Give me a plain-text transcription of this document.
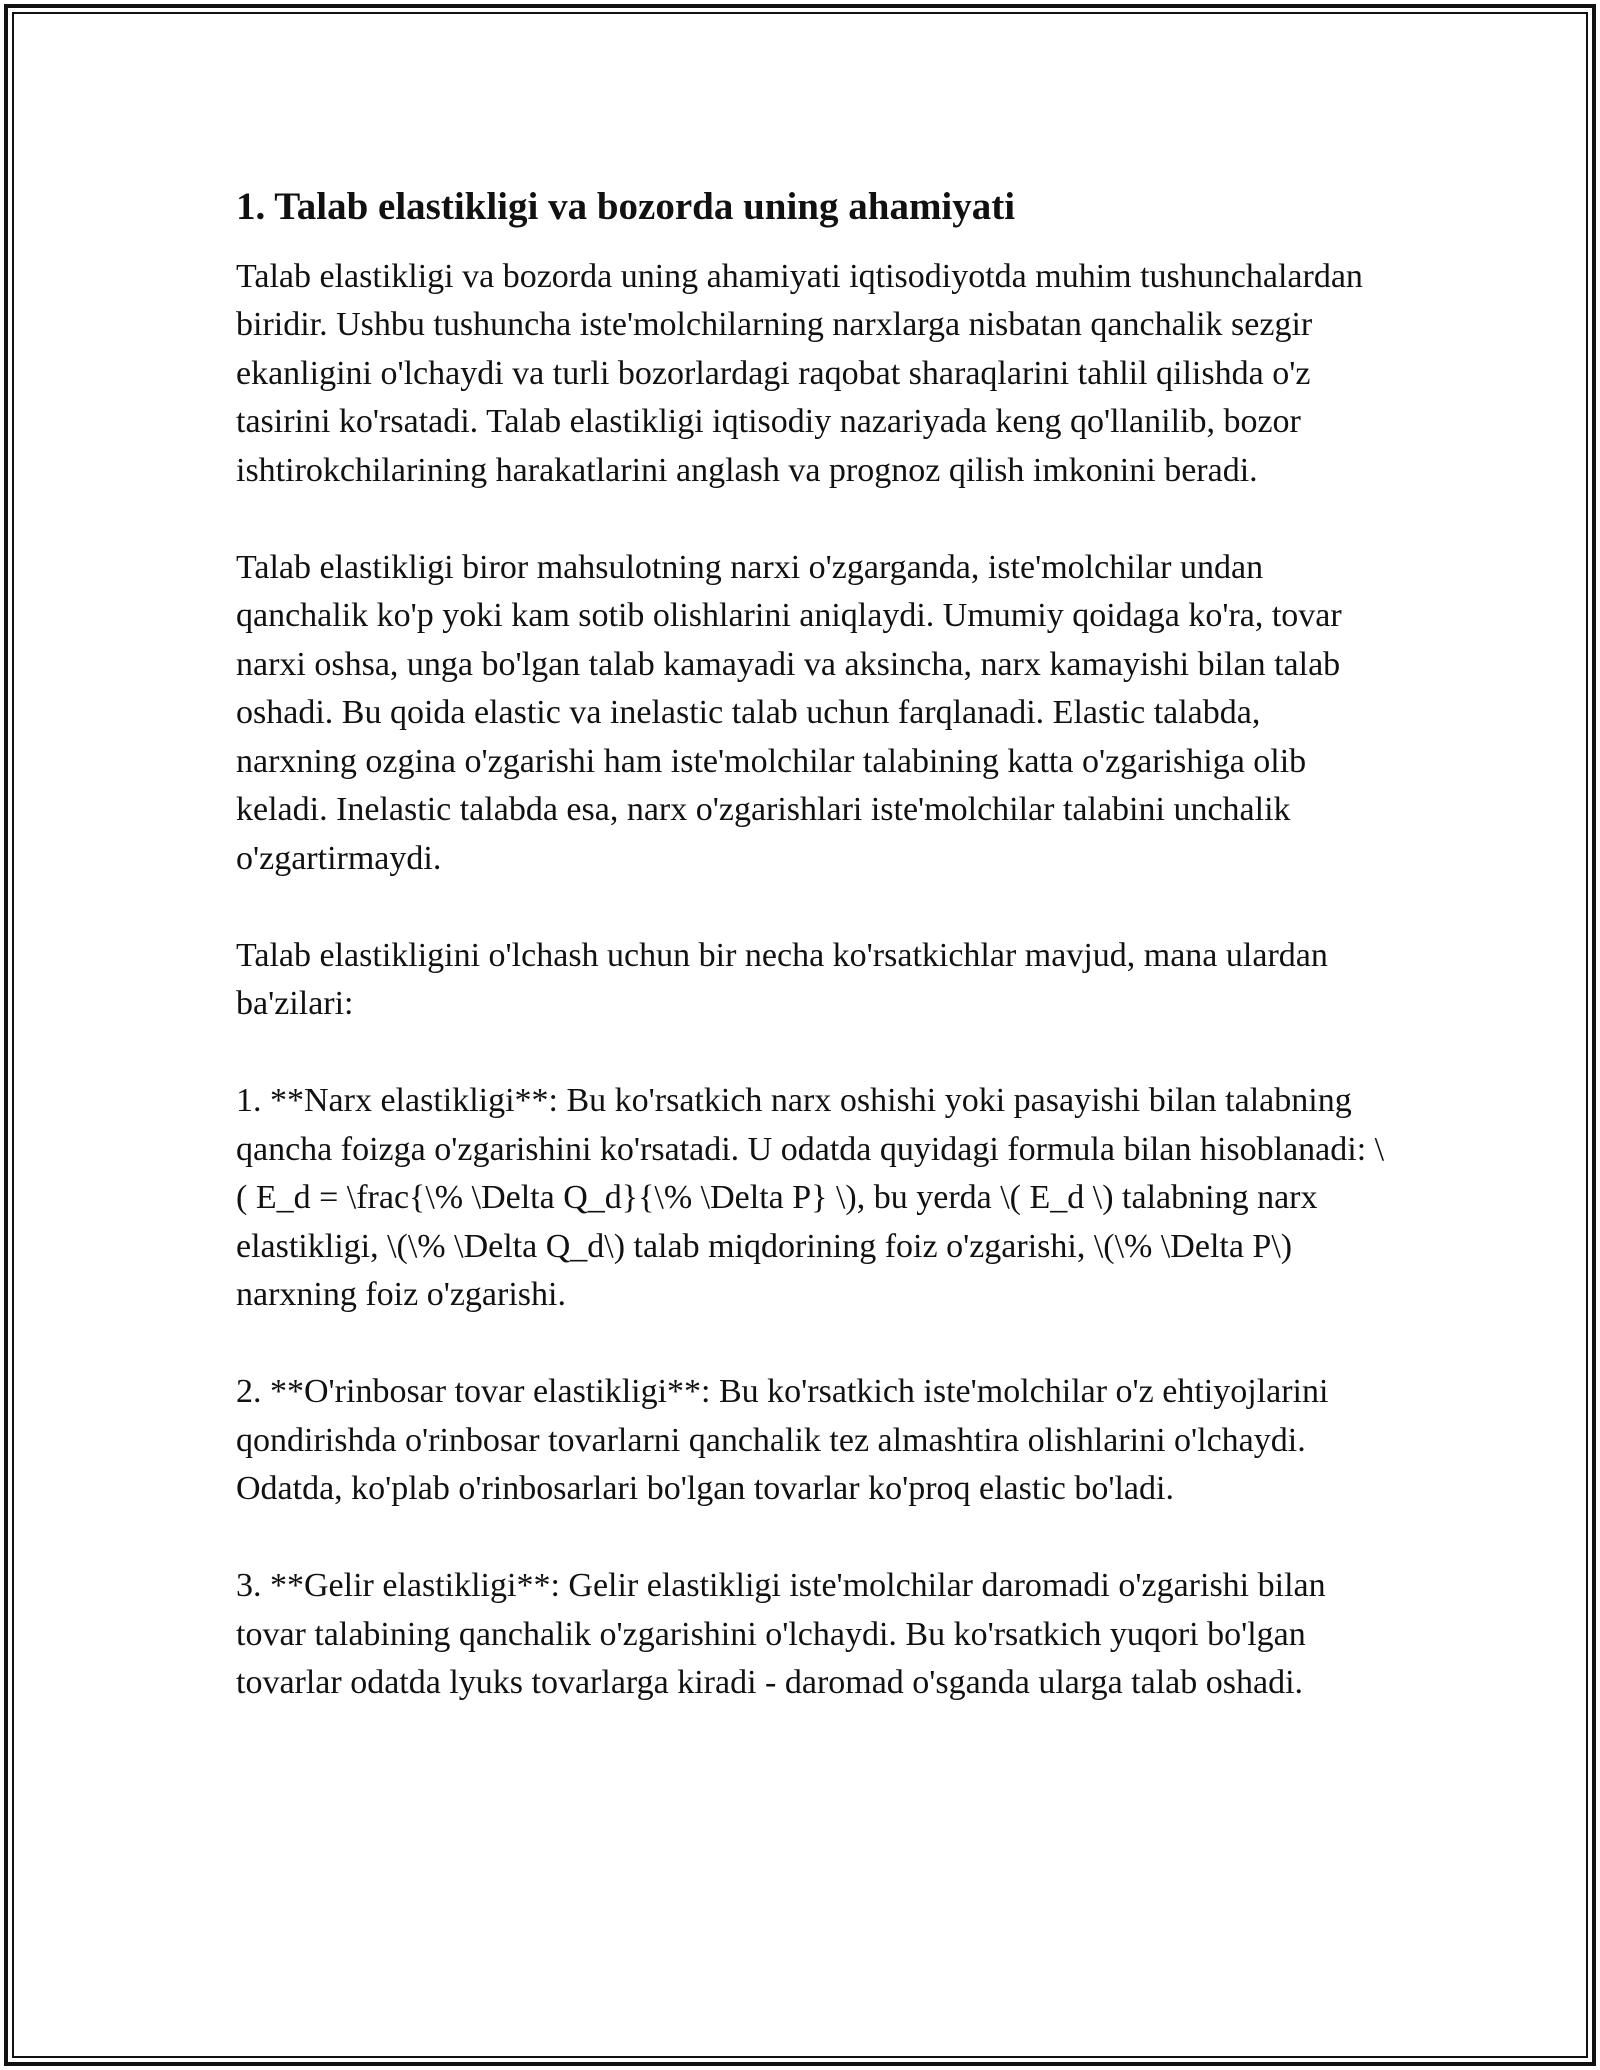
1. Talab elastikligi va bozorda uning ahamiyati

Talab elastikligi va bozorda uning ahamiyati iqtisodiyotda muhim tushunchalardan biridir. Ushbu tushuncha iste'molchilarning narxlarga nisbatan qanchalik sezgir ekanligini o'lchaydi va turli bozorlardagi raqobat sharaqlarini tahlil qilishda o'z tasirini ko'rsatadi. Talab elastikligi iqtisodiy nazariyada keng qo'llanilib, bozor ishtirokchilarining harakatlarini anglash va prognoz qilish imkonini beradi.

Talab elastikligi biror mahsulotning narxi o'zgarganda, iste'molchilar undan qanchalik ko'p yoki kam sotib olishlarini aniqlaydi. Umumiy qoidaga ko'ra, tovar narxi oshsa, unga bo'lgan talab kamayadi va aksincha, narx kamayishi bilan talab oshadi. Bu qoida elastic va inelastic talab uchun farqlanadi. Elastic talabda, narxning ozgina o'zgarishi ham iste'molchilar talabining katta o'zgarishiga olib keladi. Inelastic talabda esa, narx o'zgarishlari iste'molchilar talabini unchalik o'zgartirmaydi.

Talab elastikligini o'lchash uchun bir necha ko'rsatkichlar mavjud, mana ulardan ba'zilari:

1. **Narx elastikligi**: Bu ko'rsatkich narx oshishi yoki pasayishi bilan talabning qancha foizga o'zgarishini ko'rsatadi. U odatda quyidagi formula bilan hisoblanadi: \( E_d = \frac{\% \Delta Q_d}{\% \Delta P} \), bu yerda \( E_d \) talabning narx elastikligi, \(\% \Delta Q_d\) talab miqdorining foiz o'zgarishi, \(\% \Delta P\) narxning foiz o'zgarishi.

2. **O'rinbosar tovar elastikligi**: Bu ko'rsatkich iste'molchilar o'z ehtiyojlarini qondirishda o'rinbosar tovarlarni qanchalik tez almashtira olishlarini o'lchaydi. Odatda, ko'plab o'rinbosarlari bo'lgan tovarlar ko'proq elastic bo'ladi.

3. **Gelir elastikligi**: Gelir elastikligi iste'molchilar daromadi o'zgarishi bilan tovar talabining qanchalik o'zgarishini o'lchaydi. Bu ko'rsatkich yuqori bo'lgan tovarlar odatda lyuks tovarlarga kiradi - daromad o'sganda ularga talab oshadi.
